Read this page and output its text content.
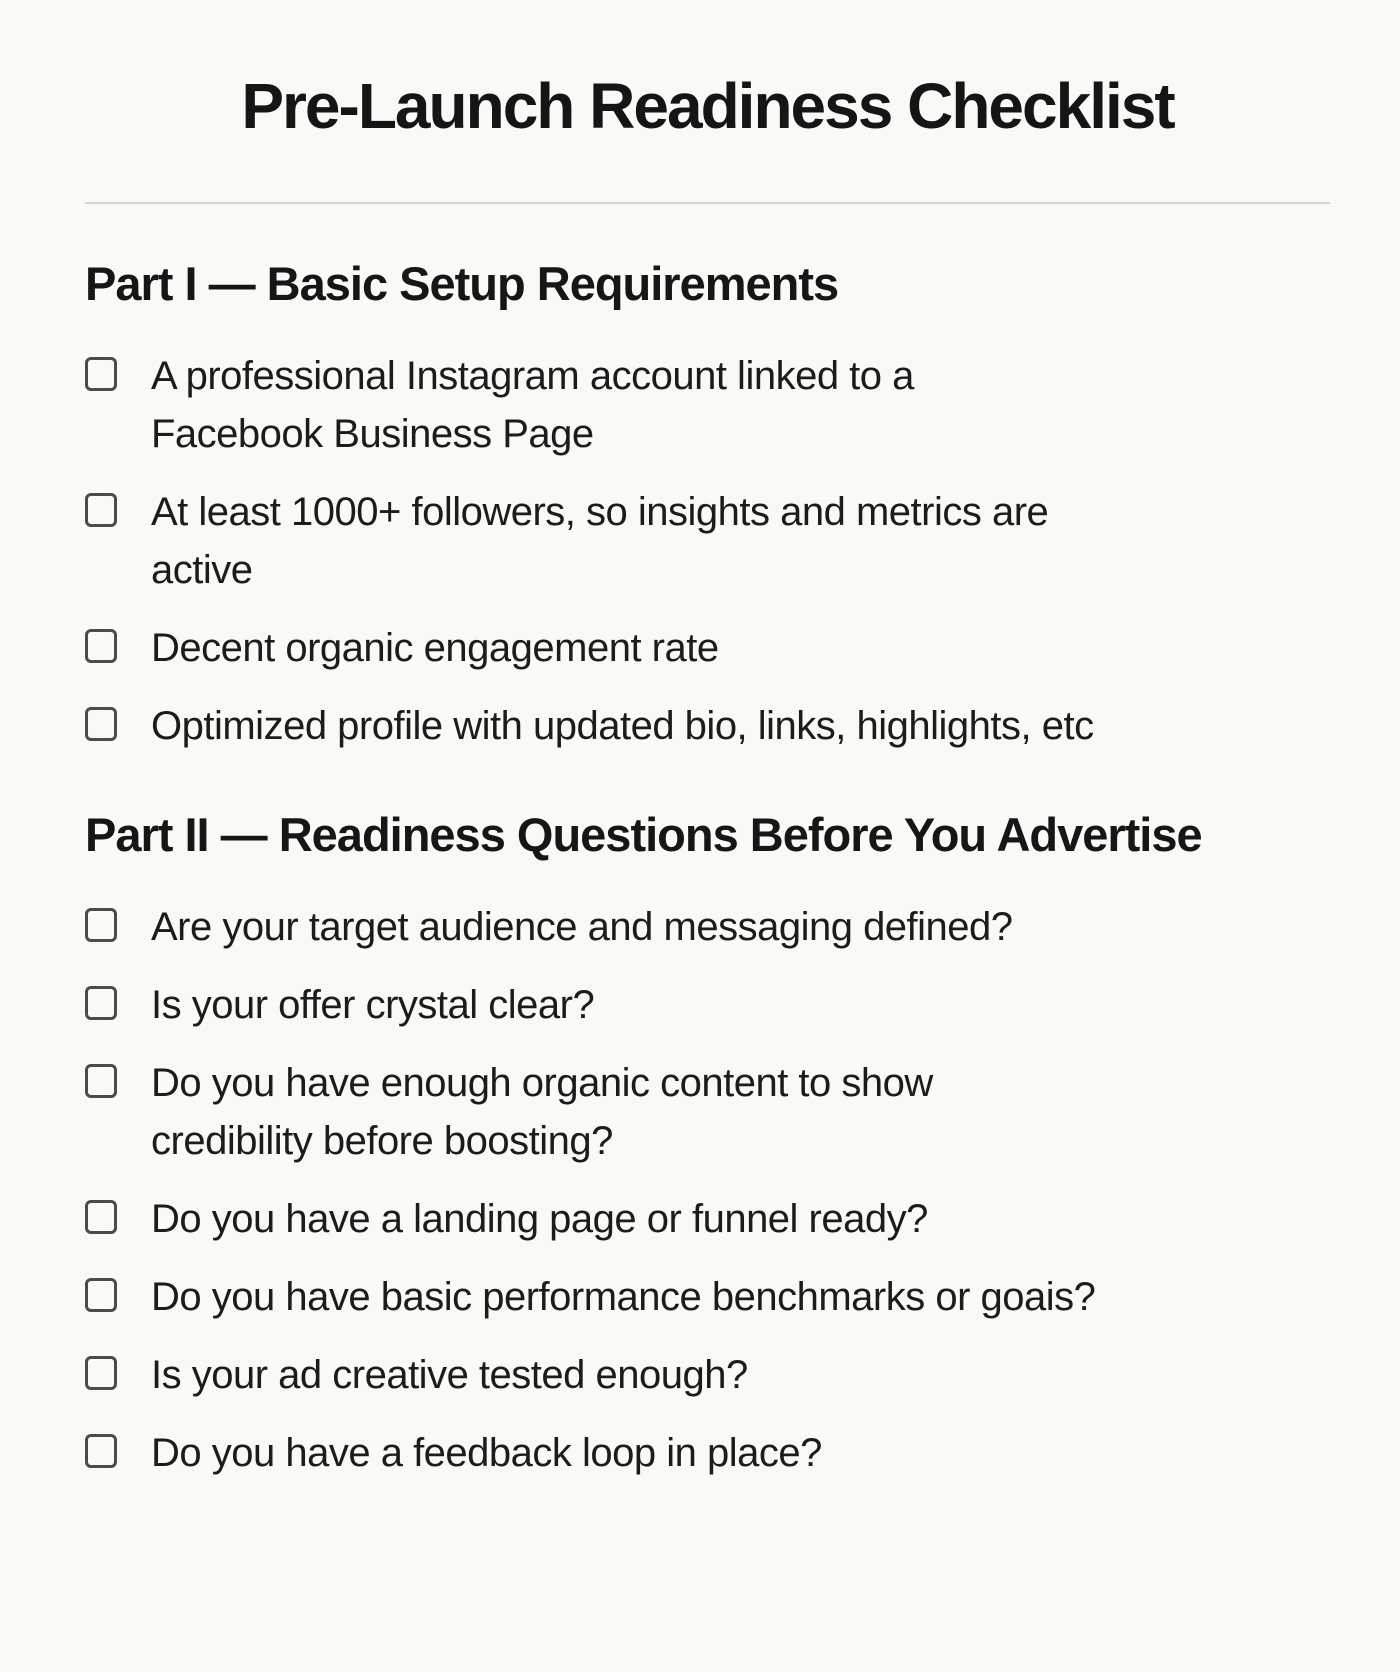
Pre-Launch Readiness Checklist
Part I — Basic Setup Requirements
A professional Instagram account linked to a
Facebook Business Page
At least 1000+ followers, so insights and metrics are
active
Decent organic engagement rate
Optimized profile with updated bio, links, highlights, etc
Part II — Readiness Questions Before You Advertise
Are your target audience and messaging defined?
Is your offer crystal clear?
Do you have enough organic content to show
credibility before boosting?
Do you have a landing page or funnel ready?
Do you have basic performance benchmarks or goais?
Is your ad creative tested enough?
Do you have a feedback loop in place?
